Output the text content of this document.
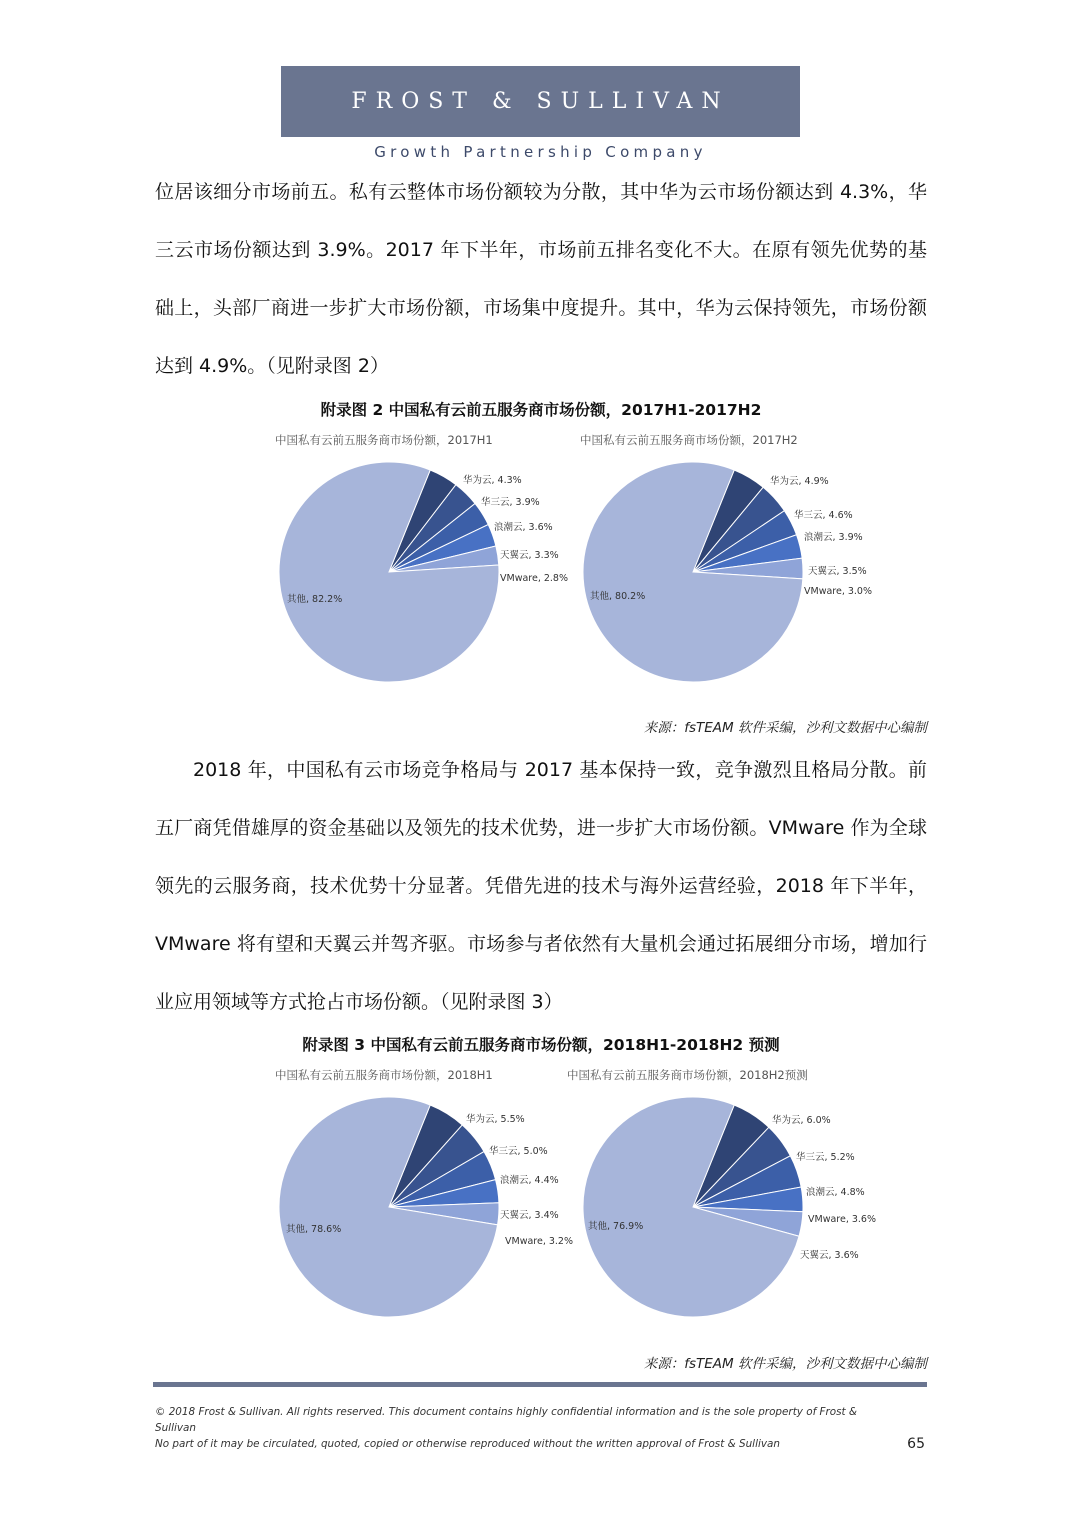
FROST & SULLIVAN
Growth Partnership Company

位居该细分市场前五。私有云整体市场份额较为分散，其中华为云市场份额达到 4.3%，华三云市场份额达到 3.9%。2017 年下半年，市场前五排名变化不大。在原有领先优势的基础上，头部厂商进一步扩大市场份额，市场集中度提升。其中，华为云保持领先，市场份额达到 4.9%。（见附录图 2）

附录图 2 中国私有云前五服务商市场份额，2017H1-2017H2
中国私有云前五服务商市场份额，2017H1	中国私有云前五服务商市场份额，2017H2
华为云, 4.3%
华三云, 3.9%
浪潮云, 3.6%
天翼云, 3.3%
VMware, 2.8%
其他, 82.2%
华为云, 4.9%
华三云, 4.6%
浪潮云, 3.9%
天翼云, 3.5%
VMware, 3.0%
其他, 80.2%
来源：fsTEAM 软件采编，沙利文数据中心编制

2018 年，中国私有云市场竞争格局与 2017 基本保持一致，竞争激烈且格局分散。前五厂商凭借雄厚的资金基础以及领先的技术优势，进一步扩大市场份额。VMware 作为全球领先的云服务商，技术优势十分显著。凭借先进的技术与海外运营经验，2018 年下半年，VMware 将有望和天翼云并驾齐驱。市场参与者依然有大量机会通过拓展细分市场，增加行业应用领域等方式抢占市场份额。（见附录图 3）

附录图 3 中国私有云前五服务商市场份额，2018H1-2018H2 预测
中国私有云前五服务商市场份额，2018H1	中国私有云前五服务商市场份额，2018H2预测
华为云, 5.5%
华三云, 5.0%
浪潮云, 4.4%
天翼云, 3.4%
VMware, 3.2%
其他, 78.6%
华为云, 6.0%
华三云, 5.2%
浪潮云, 4.8%
VMware, 3.6%
天翼云, 3.6%
其他, 76.9%
来源：fsTEAM 软件采编，沙利文数据中心编制
© 2018 Frost & Sullivan. All rights reserved. This document contains highly confidential information and is the sole property of Frost & Sullivan
No part of it may be circulated, quoted, copied or otherwise reproduced without the written approval of Frost & Sullivan	65
